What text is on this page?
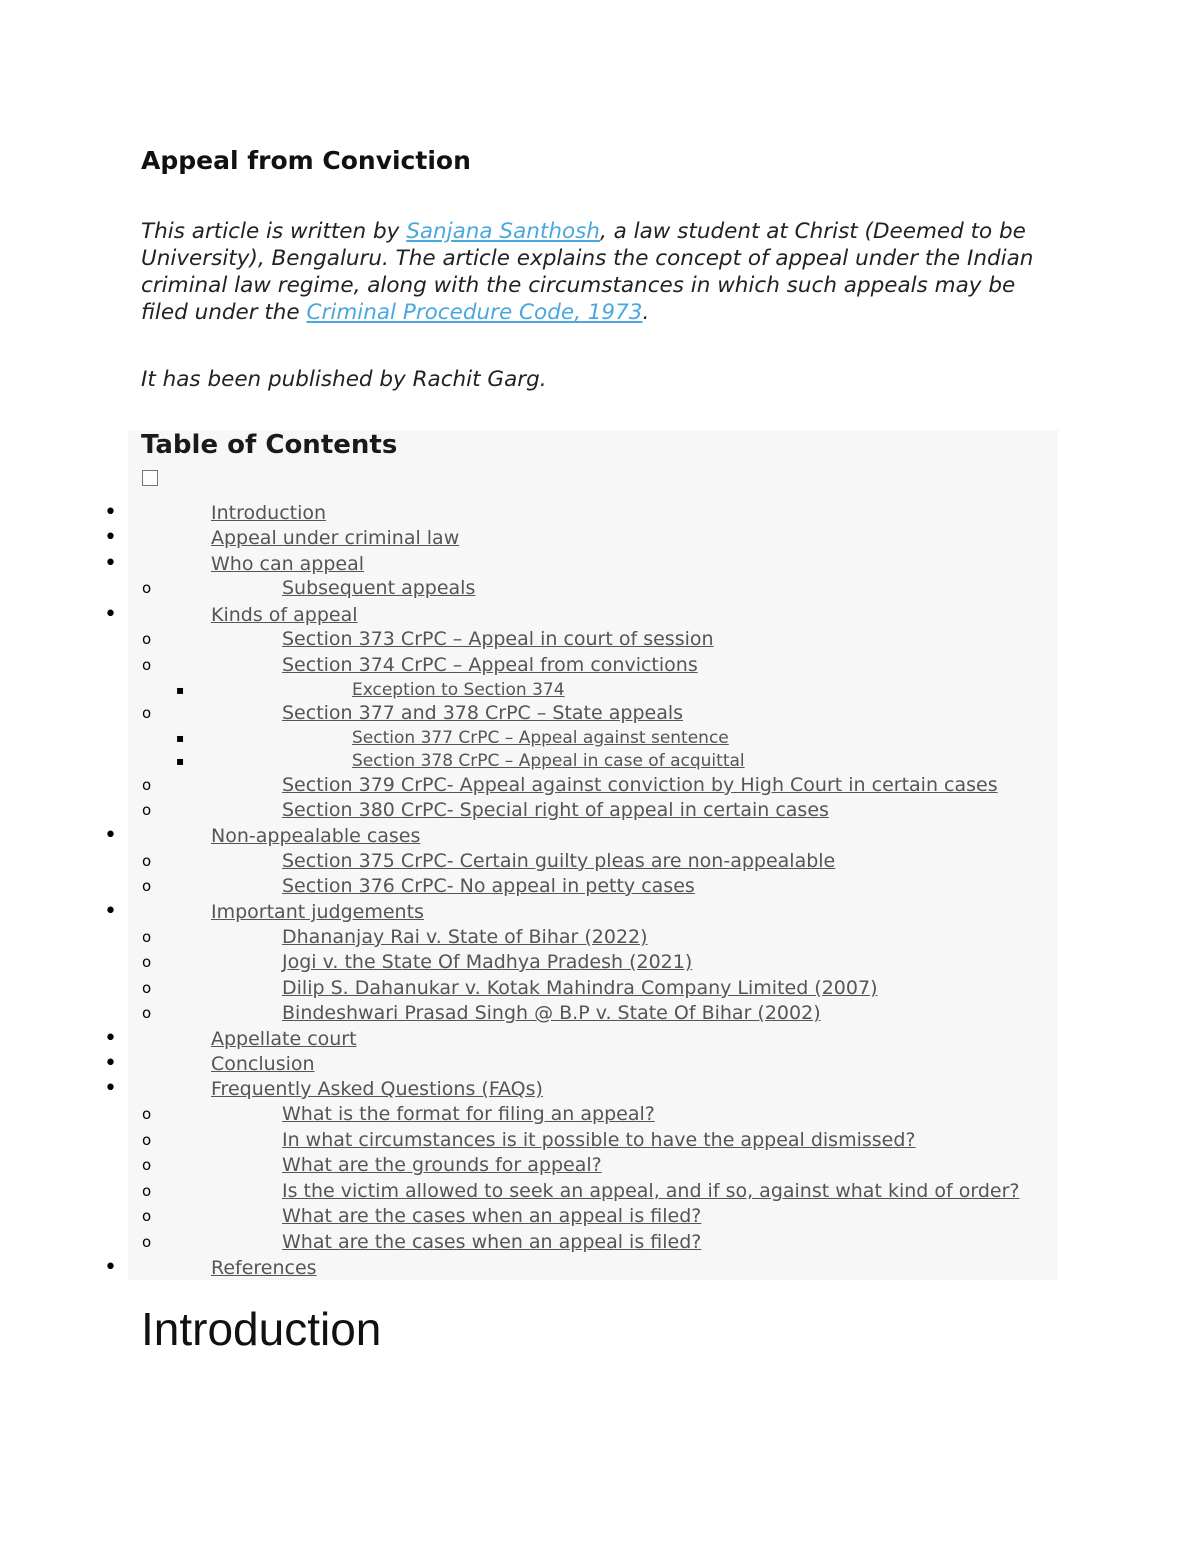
Appeal from Conviction

This article is written by Sanjana Santhosh, a law student at Christ (Deemed to be University), Bengaluru. The article explains the concept of appeal under the Indian criminal law regime, along with the circumstances in which such appeals may be filed under the Criminal Procedure Code, 1973.

It has been published by Rachit Garg.

Table of Contents
•	Introduction
•	Appeal under criminal law
•	Who can appeal
o	Subsequent appeals
•	Kinds of appeal
o	Section 373 CrPC – Appeal in court of session
o	Section 374 CrPC – Appeal from convictions
▪	Exception to Section 374
o	Section 377 and 378 CrPC – State appeals
▪	Section 377 CrPC – Appeal against sentence
▪	Section 378 CrPC – Appeal in case of acquittal
o	Section 379 CrPC- Appeal against conviction by High Court in certain cases
o	Section 380 CrPC- Special right of appeal in certain cases
•	Non-appealable cases
o	Section 375 CrPC- Certain guilty pleas are non-appealable
o	Section 376 CrPC- No appeal in petty cases
•	Important judgements
o	Dhananjay Rai v. State of Bihar (2022)
o	Jogi v. the State Of Madhya Pradesh (2021)
o	Dilip S. Dahanukar v. Kotak Mahindra Company Limited (2007)
o	Bindeshwari Prasad Singh @ B.P v. State Of Bihar (2002)
•	Appellate court
•	Conclusion
•	Frequently Asked Questions (FAQs)
o	What is the format for filing an appeal?
o	In what circumstances is it possible to have the appeal dismissed?
o	What are the grounds for appeal?
o	Is the victim allowed to seek an appeal, and if so, against what kind of order?
o	What are the cases when an appeal is filed?
o	What are the cases when an appeal is filed?
•	References
Introduction
